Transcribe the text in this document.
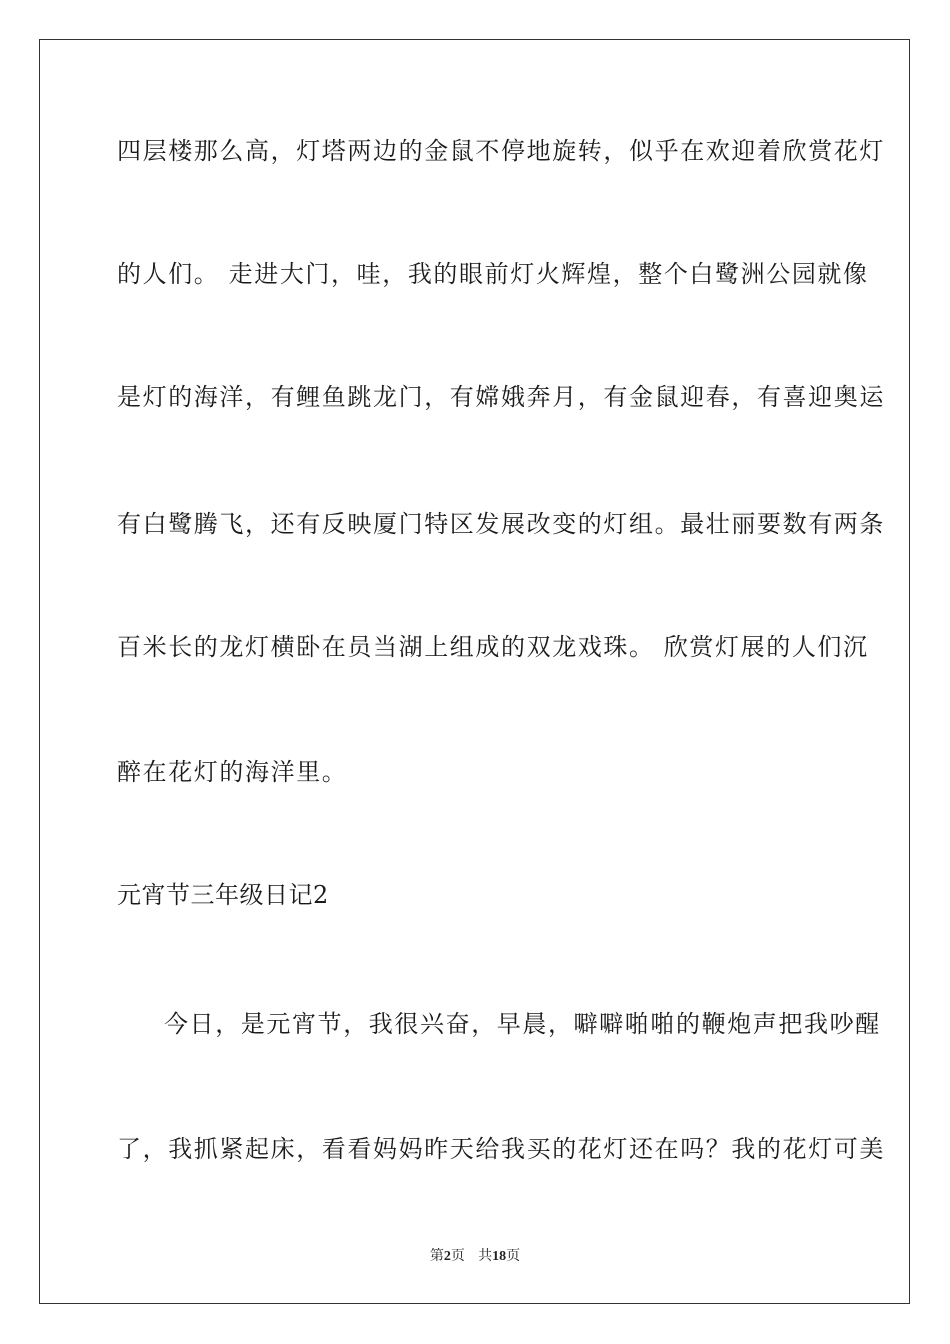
四层楼那么高，灯塔两边的金鼠不停地旋转，似乎在欢迎着欣赏花灯
的人们。 走进大门，哇，我的眼前灯火辉煌，整个白鹭洲公园就像
是灯的海洋，有鲤鱼跳龙门，有嫦娥奔月，有金鼠迎春，有喜迎奥运
有白鹭腾飞，还有反映厦门特区发展改变的灯组。最壮丽要数有两条
百米长的龙灯横卧在员当湖上组成的双龙戏珠。 欣赏灯展的人们沉
醉在花灯的海洋里。
元宵节三年级日记2
今日，是元宵节，我很兴奋，早晨，噼噼啪啪的鞭炮声把我吵醒
了，我抓紧起床，看看妈妈昨天给我买的花灯还在吗？我的花灯可美
第2页 共18页
